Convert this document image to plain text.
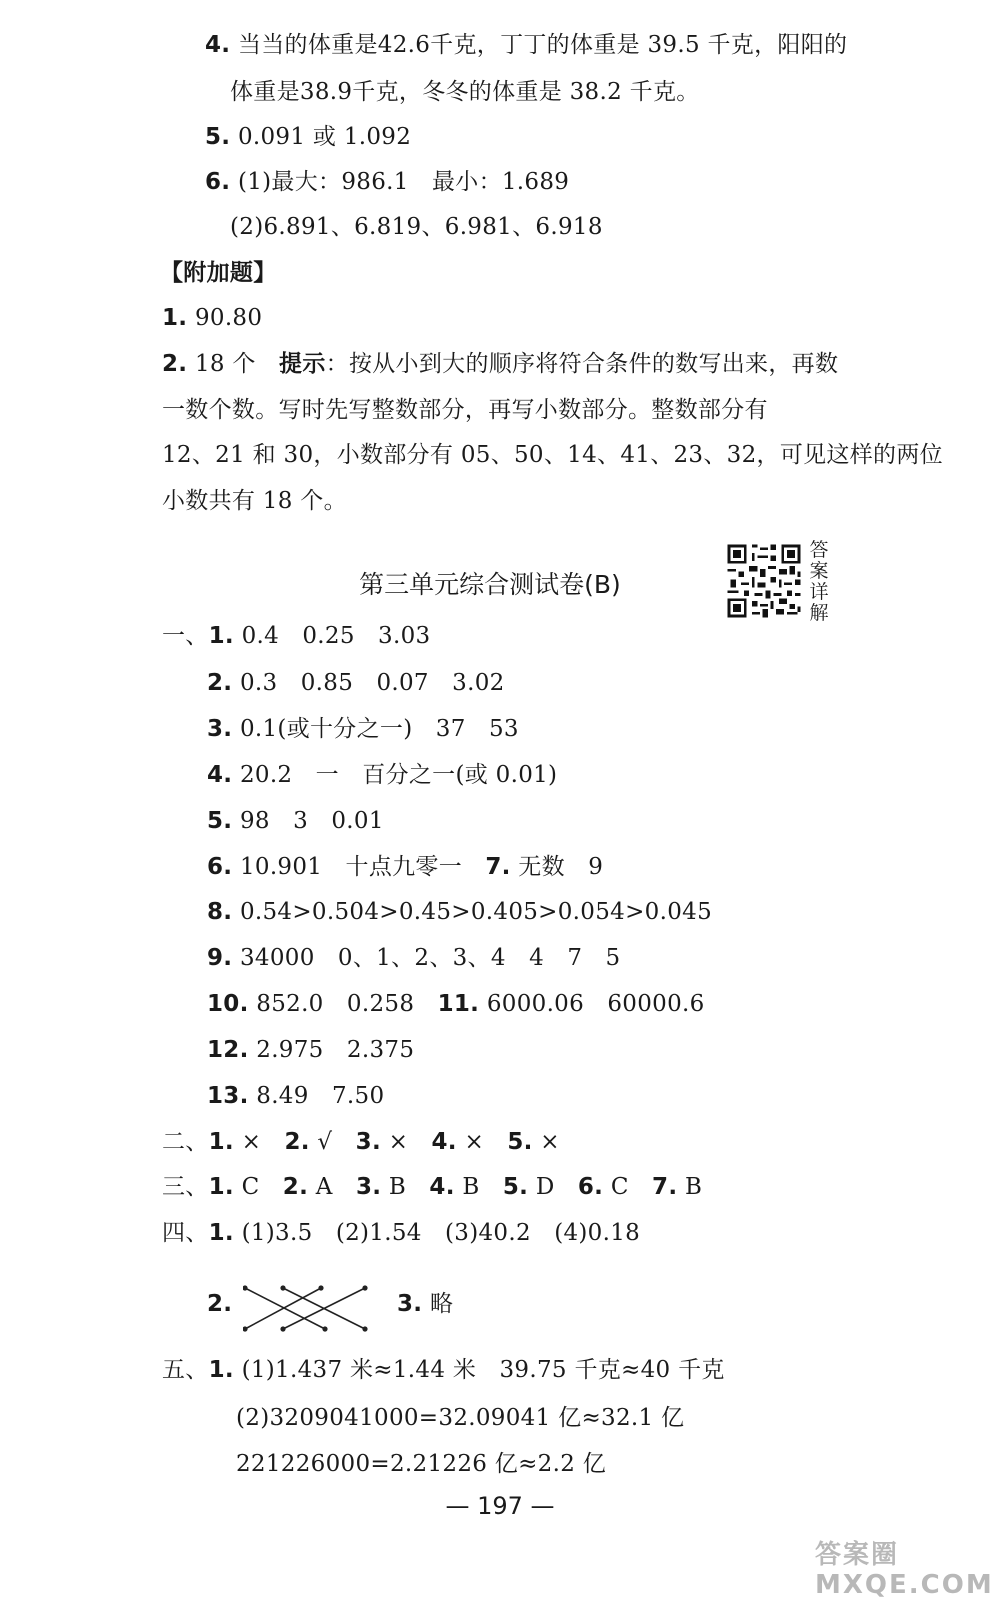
4. 当当的体重是42.6千克，丁丁的体重是 39.5 千克，阳阳的
体重是38.9千克，冬冬的体重是 38.2 千克。
5. 0.091 或 1.092
6. (1)最大：986.1　最小：1.689
(2)6.891、6.819、6.981、6.918
【附加题】
1. 90.80
2. 18 个　提示：按从小到大的顺序将符合条件的数写出来，再数
一数个数。写时先写整数部分，再写小数部分。整数部分有
12、21 和 30，小数部分有 05、50、14、41、23、32，可见这样的两位
小数共有 18 个。
第三单元综合测试卷(B)
答案详解
一、1. 0.4　0.25　3.03
2. 0.3　0.85　0.07　3.02
3. 0.1(或十分之一)　37　53
4. 20.2　一　百分之一(或 0.01)
5. 98　3　0.01
6. 10.901　十点九零一　7. 无数　9
8. 0.54>0.504>0.45>0.405>0.054>0.045
9. 34000　0、1、2、3、4　4　7　5
10. 852.0　0.258　11. 6000.06　60000.6
12. 2.975　2.375
13. 8.49　7.50
二、1. ×　2. √　3. ×　4. ×　5. ×
三、1. C　2. A　3. B　4. B　5. D　6. C　7. B
四、1. (1)3.5　(2)1.54　(3)40.2　(4)0.18
2.	3. 略
五、1. (1)1.437 米≈1.44 米　39.75 千克≈40 千克
(2)3209041000=32.09041 亿≈32.1 亿
221226000=2.21226 亿≈2.2 亿
— 197 —
答案圈 MXQE.COM
